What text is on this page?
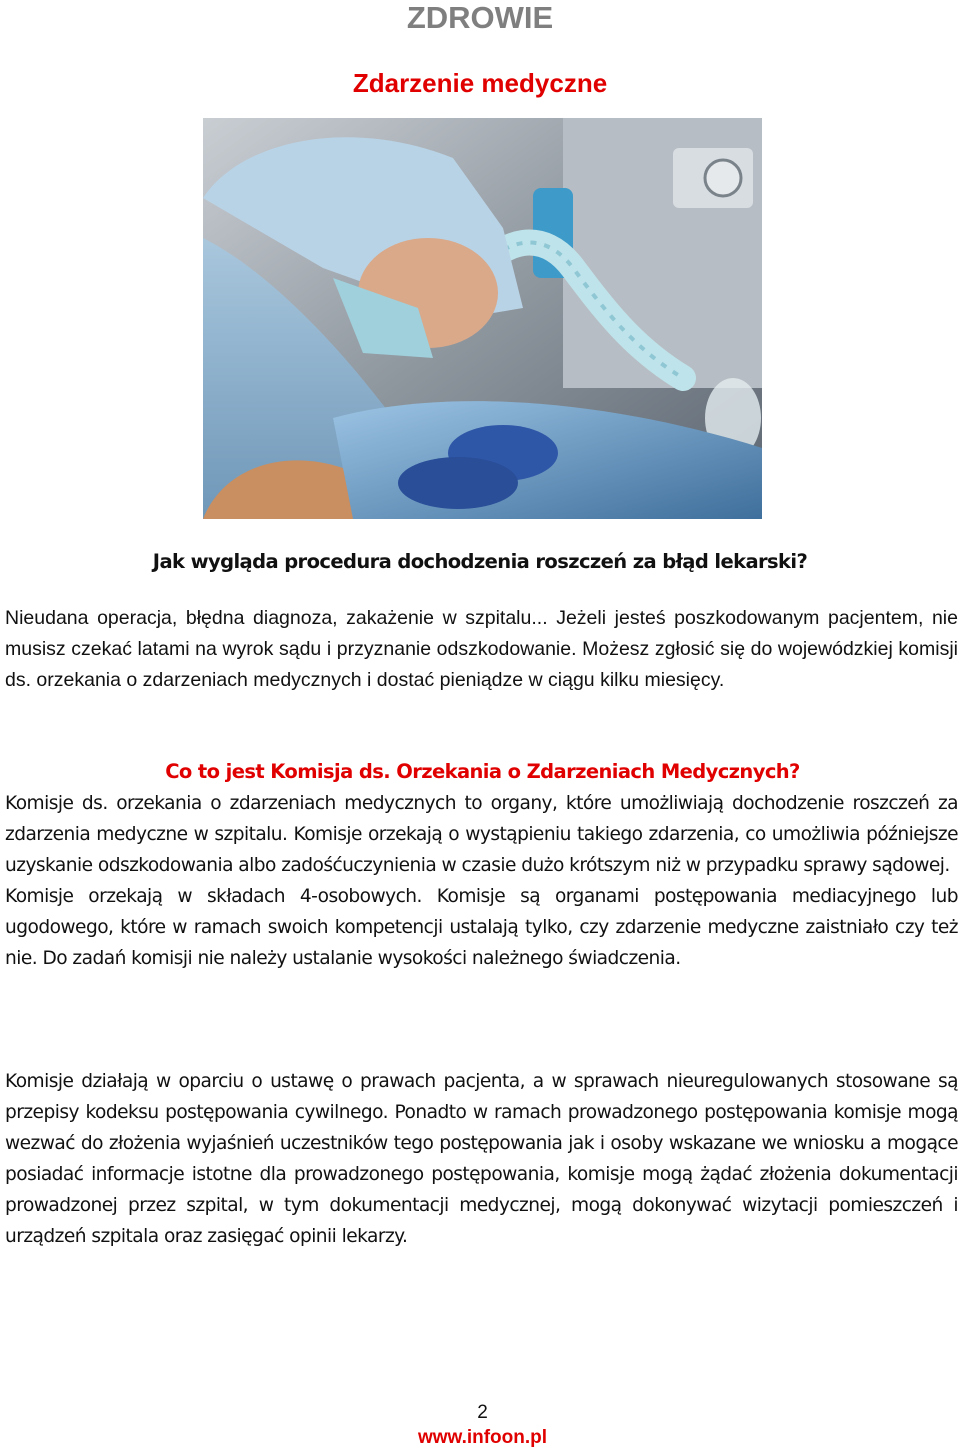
ZDROWIE
Zdarzenie medyczne
Jak wygląda procedura dochodzenia roszczeń za błąd lekarski?

Nieudana operacja, błędna diagnoza, zakażenie w szpitalu... Jeżeli jesteś poszkodowanym pacjentem, nie musisz czekać latami na wyrok sądu i przyznanie odszkodowanie. Możesz zgłosić się do wojewódzkiej komisji ds. orzekania o zdarzeniach medycznych i dostać pieniądze w ciągu kilku miesięcy.

Co to jest Komisja ds. Orzekania o Zdarzeniach Medycznych?
Komisje ds. orzekania o zdarzeniach medycznych to organy, które umożliwiają dochodzenie roszczeń za zdarzenia medyczne w szpitalu. Komisje orzekają o wystąpieniu takiego zdarzenia, co umożliwia późniejsze uzyskanie odszkodowania albo zadośćuczynienia w czasie dużo krótszym niż w przypadku sprawy sądowej.
Komisje orzekają w składach 4-osobowych. Komisje są organami postępowania mediacyjnego lub ugodowego, które w ramach swoich kompetencji ustalają tylko, czy zdarzenie medyczne zaistniało czy też nie. Do zadań komisji nie należy ustalanie wysokości należnego świadczenia.

Komisje działają w oparciu o ustawę o prawach pacjenta, a w sprawach nieuregulowanych stosowane są przepisy kodeksu postępowania cywilnego. Ponadto w ramach prowadzonego postępowania komisje mogą wezwać do złożenia wyjaśnień uczestników tego postępowania jak i osoby wskazane we wniosku a mogące posiadać informacje istotne dla prowadzonego postępowania, komisje mogą żądać złożenia dokumentacji prowadzonej przez szpital, w tym dokumentacji medycznej, mogą dokonywać wizytacji pomieszczeń i urządzeń szpitala oraz zasięgać opinii lekarzy.

2
www.infoon.pl
